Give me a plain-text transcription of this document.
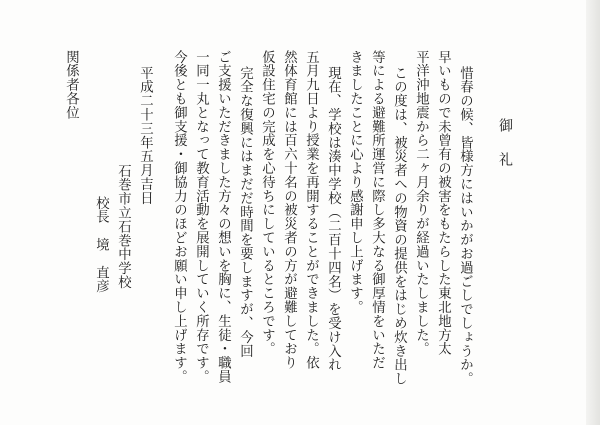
御礼
惜春の候、皆様方にはいかがお過ごしでしょうか。
早いもので未曾有の被害をもたらした東北地方太
平洋沖地震から二ヶ月余りが経過いたしました。
この度は、被災者への物資の提供をはじめ炊き出し
等による避難所運営に際し多大なる御厚情をいただ
きましたことに心より感謝申し上げます。
現在、学校は湊中学校（二百十四名）を受け入れ
五月九日より授業を再開することができました。依
然体育館には百六十名の被災者の方が避難しており
仮設住宅の完成を心待ちにしているところです。
完全な復興にはまだだ時間を要しますが、今回
ご支援いただきました方々の想いを胸に、生徒・職員
一同一丸となって教育活動を展開していく所存です。
今後とも御支援・御協力のほどお願い申し上げます。
平成二十三年五月吉日
石巻市立石巻中学校
校長　境　直彦
関係者各位
